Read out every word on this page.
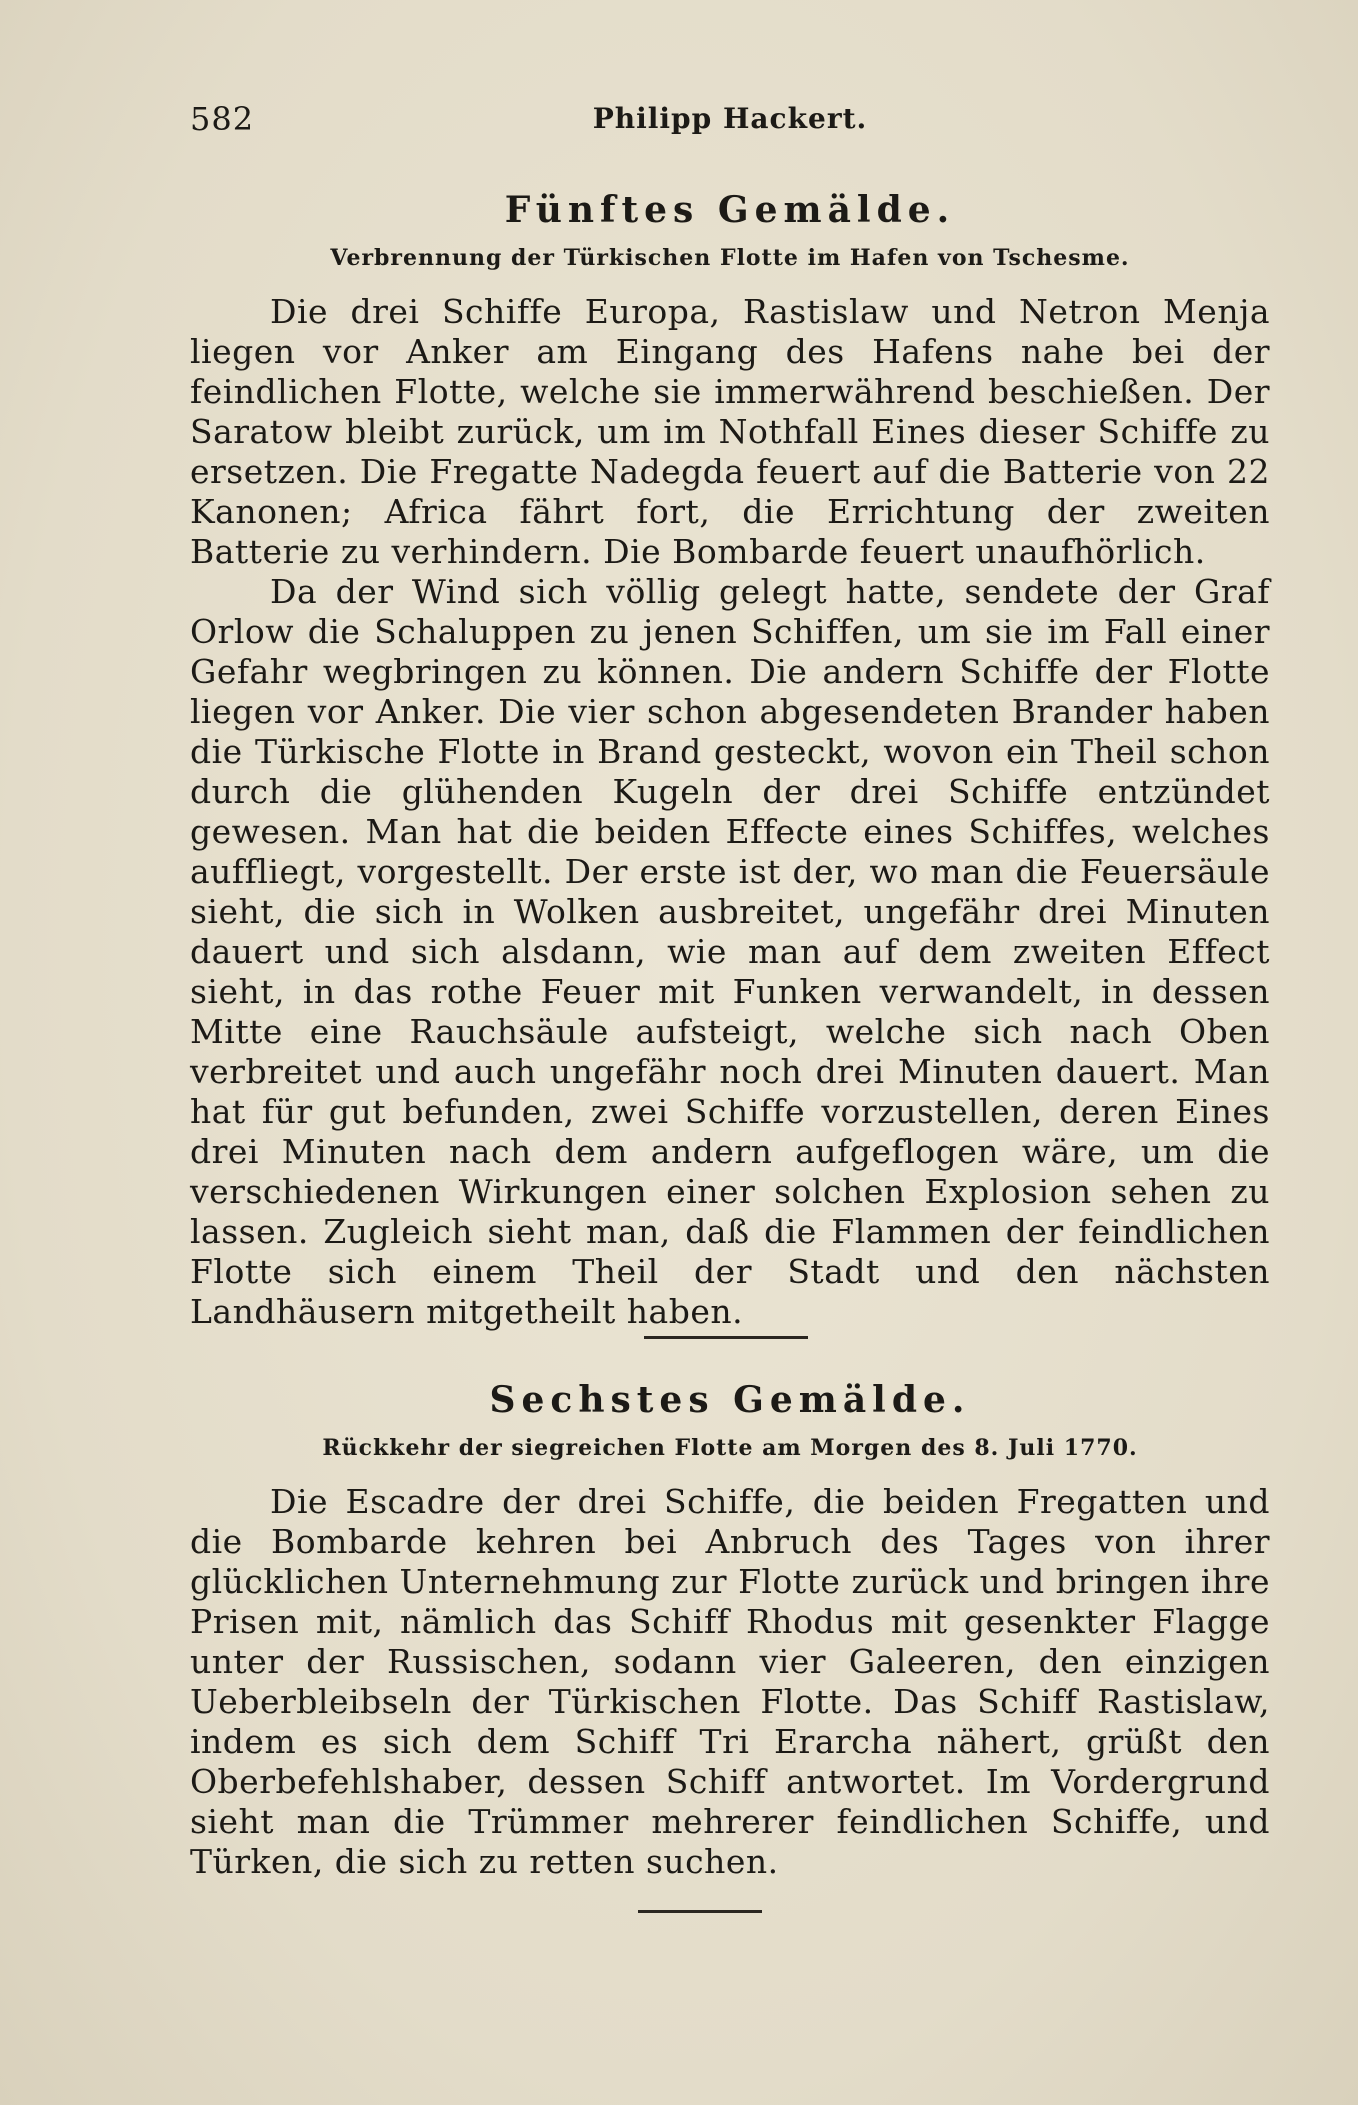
582	Philipp Hackert.
Fünftes Gemälde.
Verbrennung der Türkischen Flotte im Hafen von Tschesme.

Die drei Schiffe Europa, Rastislaw und Netron Menja liegen vor Anker am Eingang des Hafens nahe bei der feindlichen Flotte, welche sie immerwährend beschießen. Der Saratow bleibt zurück, um im Nothfall Eines dieser Schiffe zu ersetzen. Die Fregatte Nadegda feuert auf die Batterie von 22 Kanonen; Africa fährt fort, die Errichtung der zweiten Batterie zu verhindern. Die Bombarde feuert unaufhörlich.

Da der Wind sich völlig gelegt hatte, sendete der Graf Orlow die Schaluppen zu jenen Schiffen, um sie im Fall einer Gefahr wegbringen zu können. Die andern Schiffe der Flotte liegen vor Anker. Die vier schon abgesendeten Brander haben die Türkische Flotte in Brand gesteckt, wovon ein Theil schon durch die glühenden Kugeln der drei Schiffe entzündet gewesen. Man hat die beiden Effecte eines Schiffes, welches auffliegt, vorgestellt. Der erste ist der, wo man die Feuersäule sieht, die sich in Wolken ausbreitet, ungefähr drei Minuten dauert und sich alsdann, wie man auf dem zweiten Effect sieht, in das rothe Feuer mit Funken verwandelt, in dessen Mitte eine Rauchsäule aufsteigt, welche sich nach Oben verbreitet und auch ungefähr noch drei Minuten dauert. Man hat für gut befunden, zwei Schiffe vorzustellen, deren Eines drei Minuten nach dem andern aufgeflogen wäre, um die verschiedenen Wirkungen einer solchen Explosion sehen zu lassen. Zugleich sieht man, daß die Flammen der feindlichen Flotte sich einem Theil der Stadt und den nächsten Landhäusern mitgetheilt haben.

Sechstes Gemälde.
Rückkehr der siegreichen Flotte am Morgen des 8. Juli 1770.

Die Escadre der drei Schiffe, die beiden Fregatten und die Bombarde kehren bei Anbruch des Tages von ihrer glücklichen Unternehmung zur Flotte zurück und bringen ihre Prisen mit, nämlich das Schiff Rhodus mit gesenkter Flagge unter der Russischen, sodann vier Galeeren, den einzigen Ueberbleibseln der Türkischen Flotte. Das Schiff Rastislaw, indem es sich dem Schiff Tri Erarcha nähert, grüßt den Oberbefehlshaber, dessen Schiff antwortet. Im Vordergrund sieht man die Trümmer mehrerer feindlichen Schiffe, und Türken, die sich zu retten suchen.
